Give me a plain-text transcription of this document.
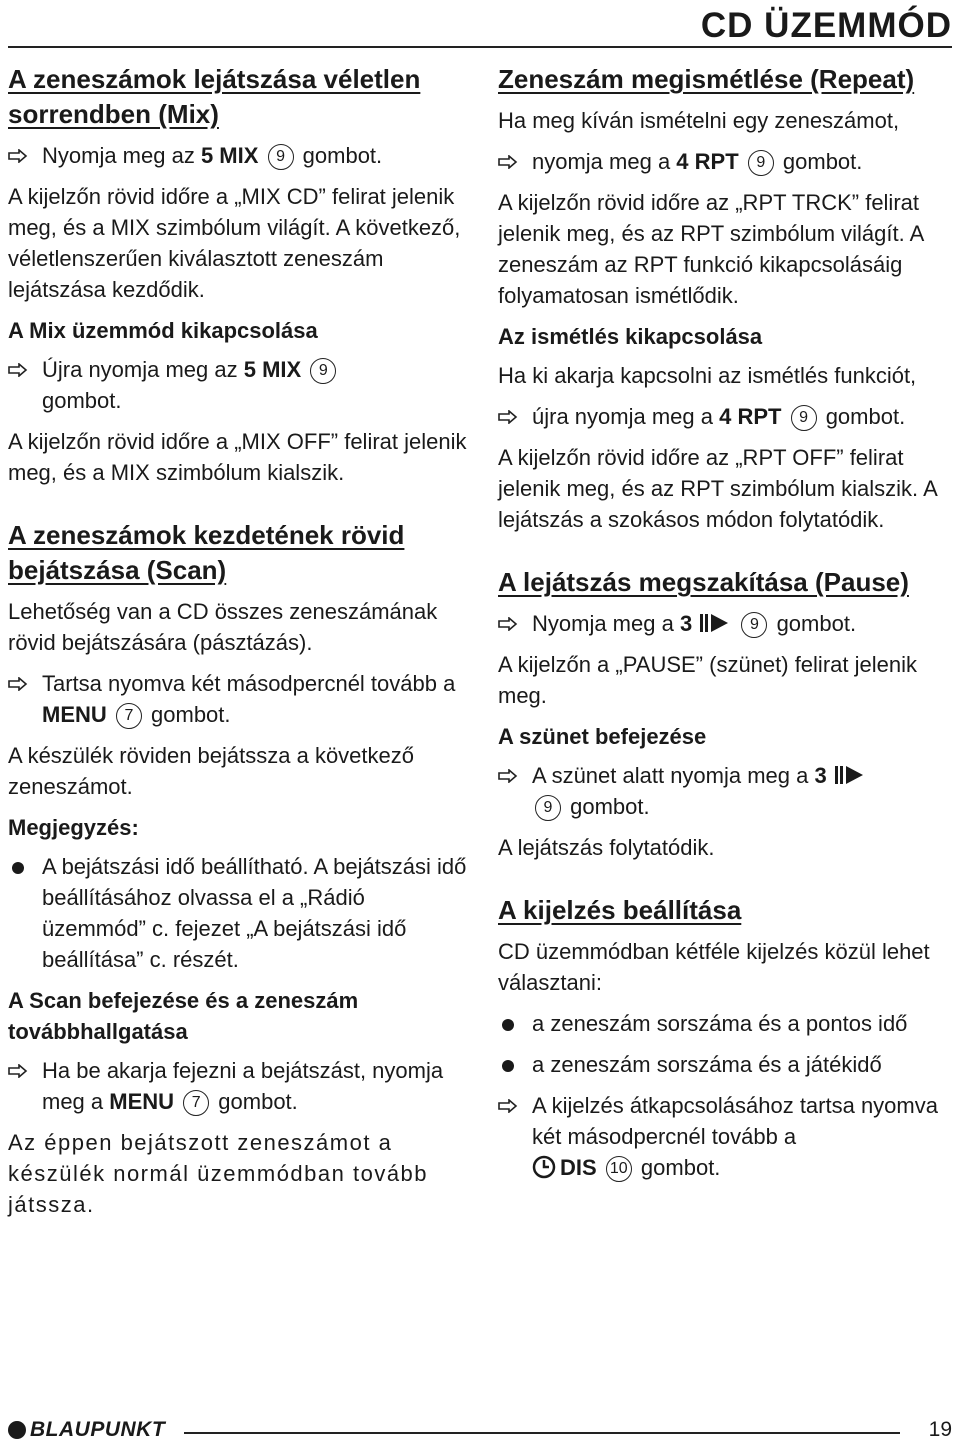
CD ÜZEMMÓD
A zeneszámok lejátszása véletlen sorrendben (Mix)
Nyomja meg az 5 MIX 9 gombot.

A kijelzőn rövid időre a „MIX CD” felirat jelenik meg, és a MIX szimbólum világít. A következő, véletlenszerűen kiválasztott zeneszám lejátszása kezdődik.

A Mix üzemmód kikapcsolása
Újra nyomja meg az 5 MIX 9
gombot.

A kijelzőn rövid időre a „MIX OFF” felirat jelenik meg, és a MIX szimbólum kialszik.

A zeneszámok kezdetének rövid bejátszása (Scan)

Lehetőség van a CD összes zeneszámának rövid bejátszására (pásztázás).

Tartsa nyomva két másodpercnél tovább a MENU 7 gombot.

A készülék röviden bejátssza a következő zeneszámot.

Megjegyzés:
A bejátszási idő beállítható. A bejátszási idő beállításához olvassa el a „Rádió üzemmód” c. fejezet „A bejátszási idő beállítása” c. részét.
A Scan befejezése és a zeneszám továbbhallgatása
Ha be akarja fejezni a bejátszást, nyomja meg a MENU 7 gombot.

Az éppen bejátszott zeneszámot a készülék normál üzemmódban tovább játssza.

Zeneszám megismétlése (Repeat)

Ha meg kíván ismételni egy zeneszámot,

nyomja meg a 4 RPT 9 gombot.

A kijelzőn rövid időre az „RPT TRCK” felirat jelenik meg, és az RPT szimbólum világít. A zeneszám az RPT funkció kikapcsolásáig folyamatosan ismétlődik.

Az ismétlés kikapcsolása

Ha ki akarja kapcsolni az ismétlés funkciót,

újra nyomja meg a 4 RPT 9 gombot.

A kijelzőn rövid időre az „RPT OFF” felirat jelenik meg, és az RPT szimbólum kialszik. A lejátszás a szokásos módon folytatódik.

A lejátszás megszakítása (Pause)
Nyomja meg a 3	9 gombot.

A kijelzőn a „PAUSE” (szünet) felirat jelenik meg.

A szünet befejezése
A szünet alatt nyomja meg a 3
9 gombot.

A lejátszás folytatódik.

A kijelzés beállítása

CD üzemmódban kétféle kijelzés közül lehet választani:

a zeneszám sorszáma és a pontos idő
a zeneszám sorszáma és a játékidő
A kijelzés átkapcsolásához tartsa nyomva két másodpercnél tovább a
DIS 10 gombot.
BLAUPUNKT	19
